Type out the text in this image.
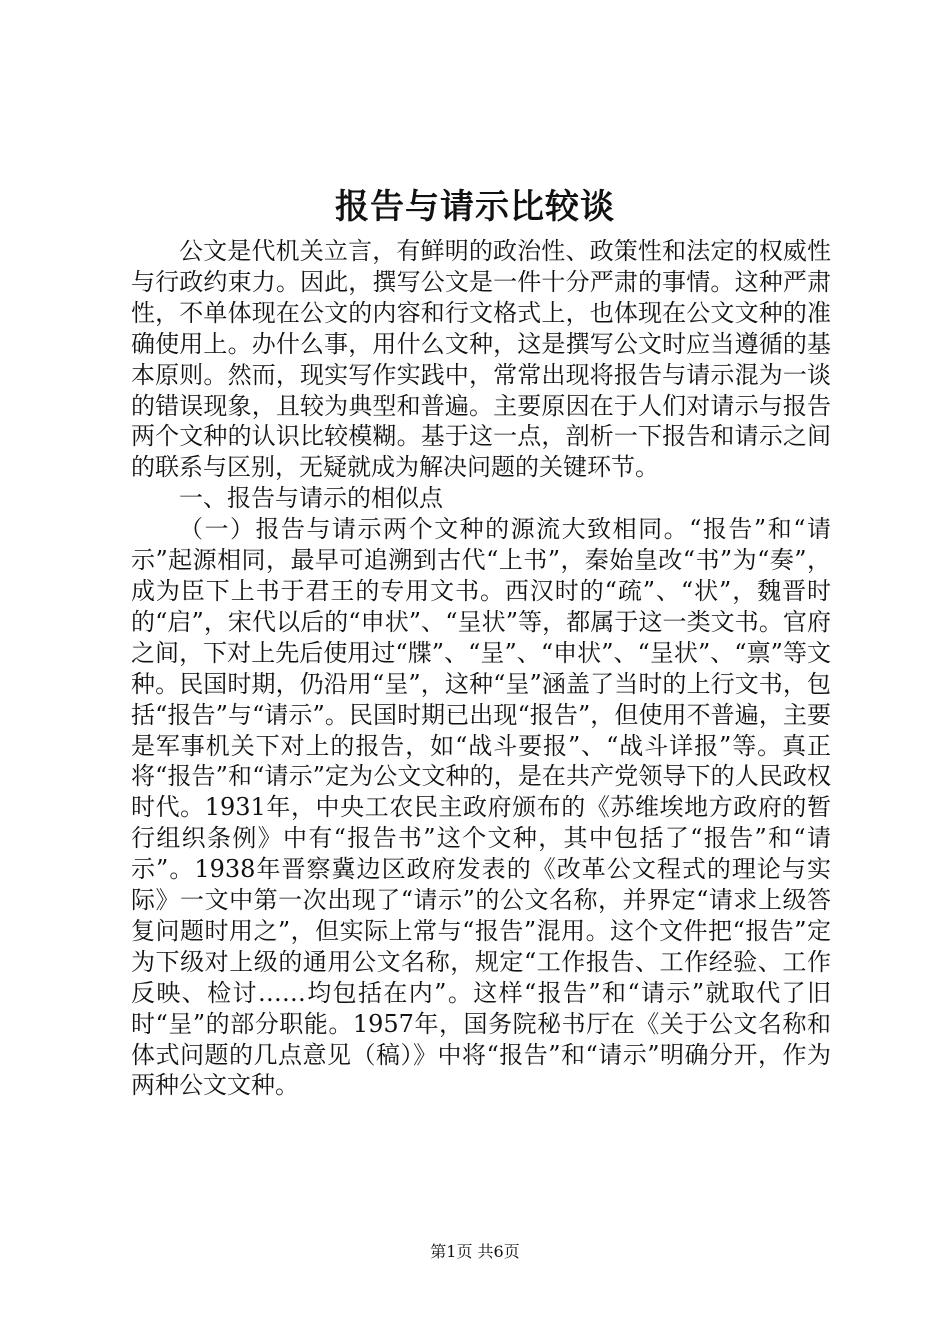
报告与请示比较谈

公文是代机关立言，有鲜明的政治性、政策性和法定的权威性与行政约束力。因此，撰写公文是一件十分严肃的事情。这种严肃性，不单体现在公文的内容和行文格式上，也体现在公文文种的准确使用上。办什么事，用什么文种，这是撰写公文时应当遵循的基本原则。然而，现实写作实践中，常常出现将报告与请示混为一谈的错误现象，且较为典型和普遍。主要原因在于人们对请示与报告两个文种的认识比较模糊。基于这一点，剖析一下报告和请示之间的联系与区别，无疑就成为解决问题的关键环节。

一、报告与请示的相似点

（一）报告与请示两个文种的源流大致相同。“报告”和“请示”起源相同，最早可追溯到古代“上书”，秦始皇改“书”为“奏”，成为臣下上书于君王的专用文书。西汉时的“疏”、“状”，魏晋时的“启”，宋代以后的“申状”、“呈状”等，都属于这一类文书。官府之间，下对上先后使用过“牒”、“呈”、“申状”、“呈状”、“禀”等文种。民国时期，仍沿用“呈”，这种“呈”涵盖了当时的上行文书，包括“报告”与“请示”。民国时期已出现“报告”，但使用不普遍，主要是军事机关下对上的报告，如“战斗要报”、“战斗详报”等。真正将“报告”和“请示”定为公文文种的，是在共产党领导下的人民政权时代。1931年，中央工农民主政府颁布的《苏维埃地方政府的暂行组织条例》中有“报告书”这个文种，其中包括了“报告”和“请示”。1938年晋察冀边区政府发表的《改革公文程式的理论与实际》一文中第一次出现了“请示”的公文名称，并界定“请求上级答复问题时用之”，但实际上常与“报告”混用。这个文件把“报告”定为下级对上级的通用公文名称，规定“工作报告、工作经验、工作反映、检讨……均包括在内”。这样“报告”和“请示”就取代了旧时“呈”的部分职能。1957年，国务院秘书厅在《关于公文名称和体式问题的几点意见（稿）》中将“报告”和“请示”明确分开，作为两种公文文种。

第1页 共6页
